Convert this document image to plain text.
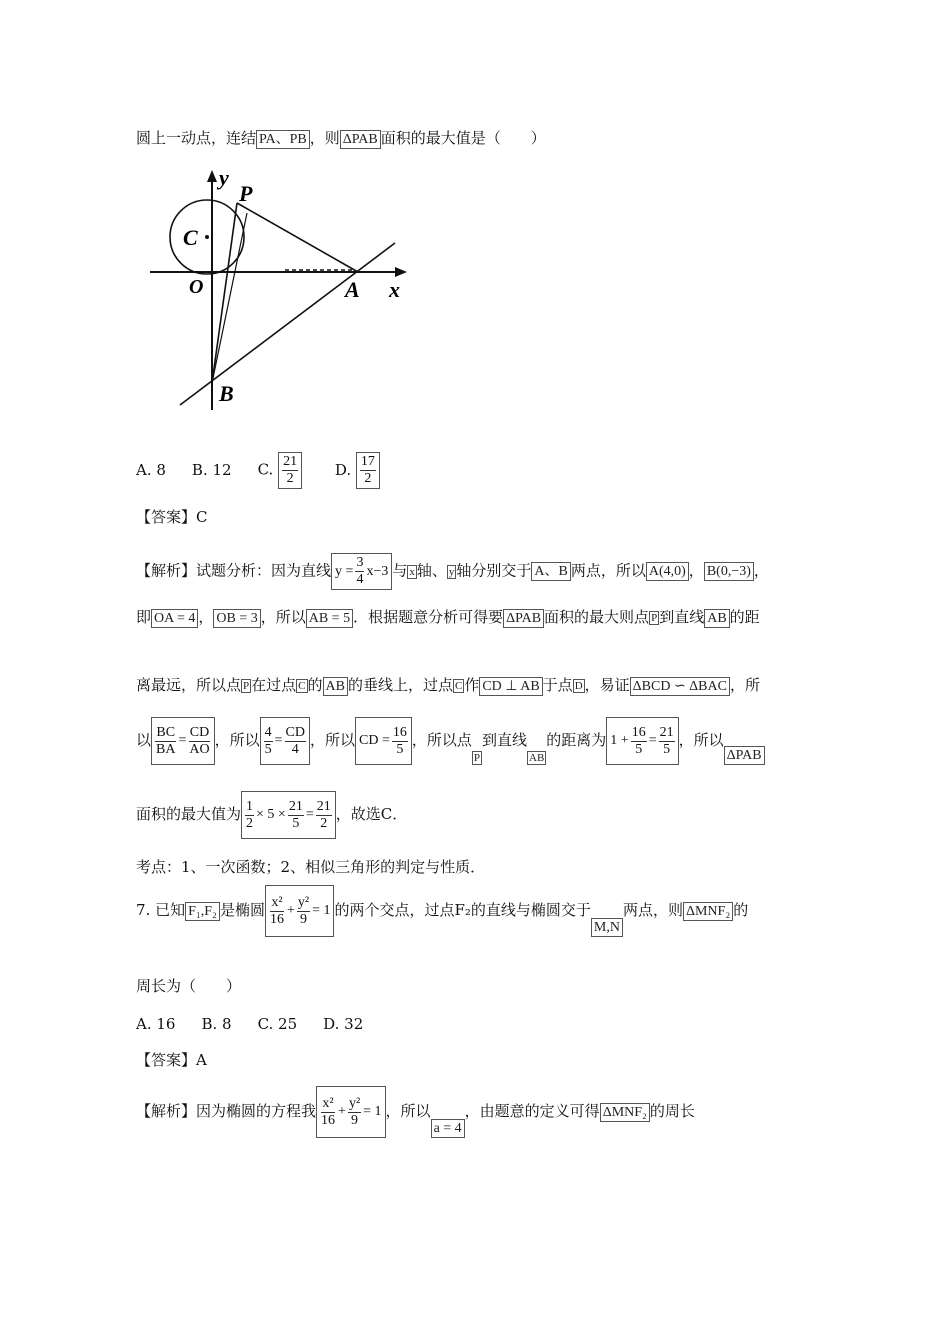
圆上一动点，连结 PA、PB ，则 ΔPAB 面积的最大值是（　　）
y
P
C
O	A x
B
A. 8 B. 12 C. $\frac{21}{2} D$. $\frac{17}{2}$
【答案】C
【解析】试题分析：因为直线 $y = \frac{3}{4} x-3$ 与 x 轴、 y 轴分别交于 A、B 两点，所以 A(4,0) ， B(0,−3) ，
即 OA = 4 ， OB = 3 ，所以 AB = 5 ．根据题意分析可得要 ΔPAB 面积的最大则点 P 到直线 AB 的距
离最远，所以点 P 在过点 C 的 AB 的垂线上，过点 C 作 CD ⊥ AB 于点 D ，易证 ΔBCD ∽ ΔBAC ，所
以 $\frac{BC}{BA} = \frac{CD}{AO}$ ，所以 $\frac{4}{5} = \frac{CD}{4}$ ，所以 CD = $\frac{16}{5}$ ，所以点P到直线AB的距离为 $1 + \frac{16}{5} = \frac{21}{5}$ ，所以ΔPAB
面积的最大值为 $\frac{1}{2} \times 5 \times \frac{21}{5} = \frac{21}{2}$ ，故选C．
考点：1、一次函数；2、相似三角形的判定与性质．
7. 已知 F₁,F₂ 是椭圆 $\frac{\text{x²}}{16} + \frac{\text{y²}}{9} = 1$ 的两个交点，过点F₂的直线与椭圆交于M,N两点，则 ΔMNF₂ 的
周长为（　　）
A. 16 B. 8 C. 25 D. 32
【答案】A
【解析】因为椭圆的方程我 $\frac{\text{x²}}{16} + \frac{\text{y²}}{9} = 1$ ，所以a = 4，由题意的定义可得 ΔMNF₂ 的周长
